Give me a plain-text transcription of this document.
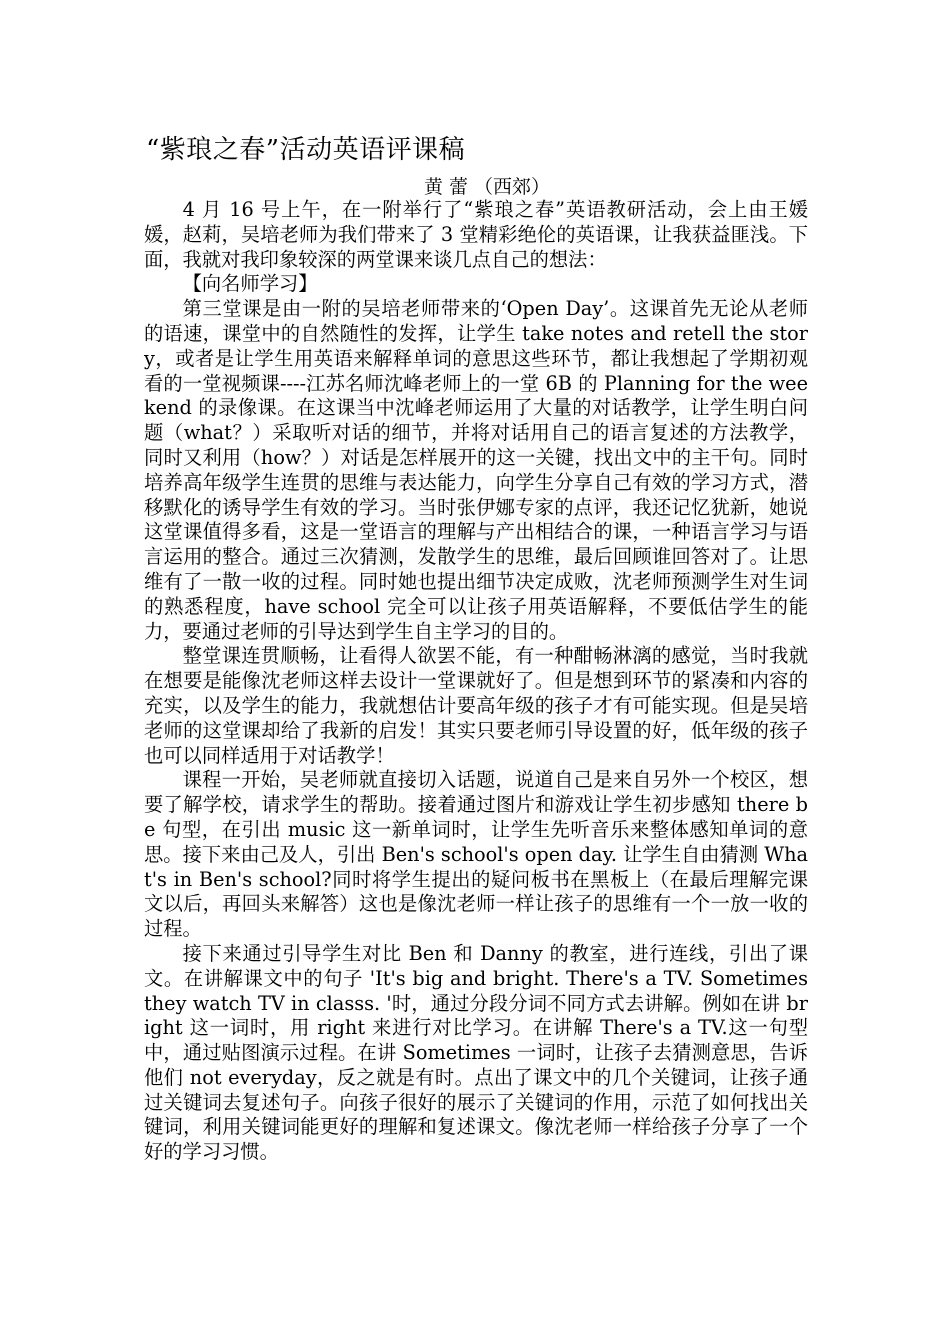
“紫琅之春”活动英语评课稿

黄 蕾 （西郊）

4 月 16 号上午，在一附举行了“紫琅之春”英语教研活动，会上由王媛媛，赵莉，吴培老师为我们带来了 3 堂精彩绝伦的英语课，让我获益匪浅。下面，我就对我印象较深的两堂课来谈几点自己的想法：

【向名师学习】

第三堂课是由一附的吴培老师带来的‘Open Day’。这课首先无论从老师的语速，课堂中的自然随性的发挥，让学生 take notes and retell the story，或者是让学生用英语来解释单词的意思这些环节，都让我想起了学期初观看的一堂视频课----江苏名师沈峰老师上的一堂 6B 的 Planning for the weekend 的录像课。在这课当中沈峰老师运用了大量的对话教学，让学生明白问题（what？）采取听对话的细节，并将对话用自己的语言复述的方法教学，同时又利用（how？）对话是怎样展开的这一关键，找出文中的主干句。同时培养高年级学生连贯的思维与表达能力，向学生分享自己有效的学习方式，潜移默化的诱导学生有效的学习。当时张伊娜专家的点评，我还记忆犹新，她说这堂课值得多看，这是一堂语言的理解与产出相结合的课，一种语言学习与语言运用的整合。通过三次猜测，发散学生的思维，最后回顾谁回答对了。让思维有了一散一收的过程。同时她也提出细节决定成败，沈老师预测学生对生词的熟悉程度，have school 完全可以让孩子用英语解释，不要低估学生的能力，要通过老师的引导达到学生自主学习的目的。

整堂课连贯顺畅，让看得人欲罢不能，有一种酣畅淋漓的感觉，当时我就在想要是能像沈老师这样去设计一堂课就好了。但是想到环节的紧凑和内容的充实，以及学生的能力，我就想估计要高年级的孩子才有可能实现。但是吴培老师的这堂课却给了我新的启发！其实只要老师引导设置的好，低年级的孩子也可以同样适用于对话教学！

课程一开始，吴老师就直接切入话题，说道自己是来自另外一个校区，想要了解学校，请求学生的帮助。接着通过图片和游戏让学生初步感知 there be 句型，在引出 music 这一新单词时，让学生先听音乐来整体感知单词的意思。接下来由己及人，引出 Ben's school's open day. 让学生自由猜测 What's in Ben's school?同时将学生提出的疑问板书在黑板上（在最后理解完课文以后，再回头来解答）这也是像沈老师一样让孩子的思维有一个一放一收的过程。

接下来通过引导学生对比 Ben 和 Danny 的教室，进行连线，引出了课文。在讲解课文中的句子 'It's big and bright. There's a TV. Sometimes they watch TV in classs. '时，通过分段分词不同方式去讲解。例如在讲 bright 这一词时，用 right 来进行对比学习。在讲解 There's a TV.这一句型中，通过贴图演示过程。在讲 Sometimes 一词时，让孩子去猜测意思，告诉他们 not everyday，反之就是有时。点出了课文中的几个关键词，让孩子通过关键词去复述句子。向孩子很好的展示了关键词的作用，示范了如何找出关键词，利用关键词能更好的理解和复述课文。像沈老师一样给孩子分享了一个好的学习习惯。
